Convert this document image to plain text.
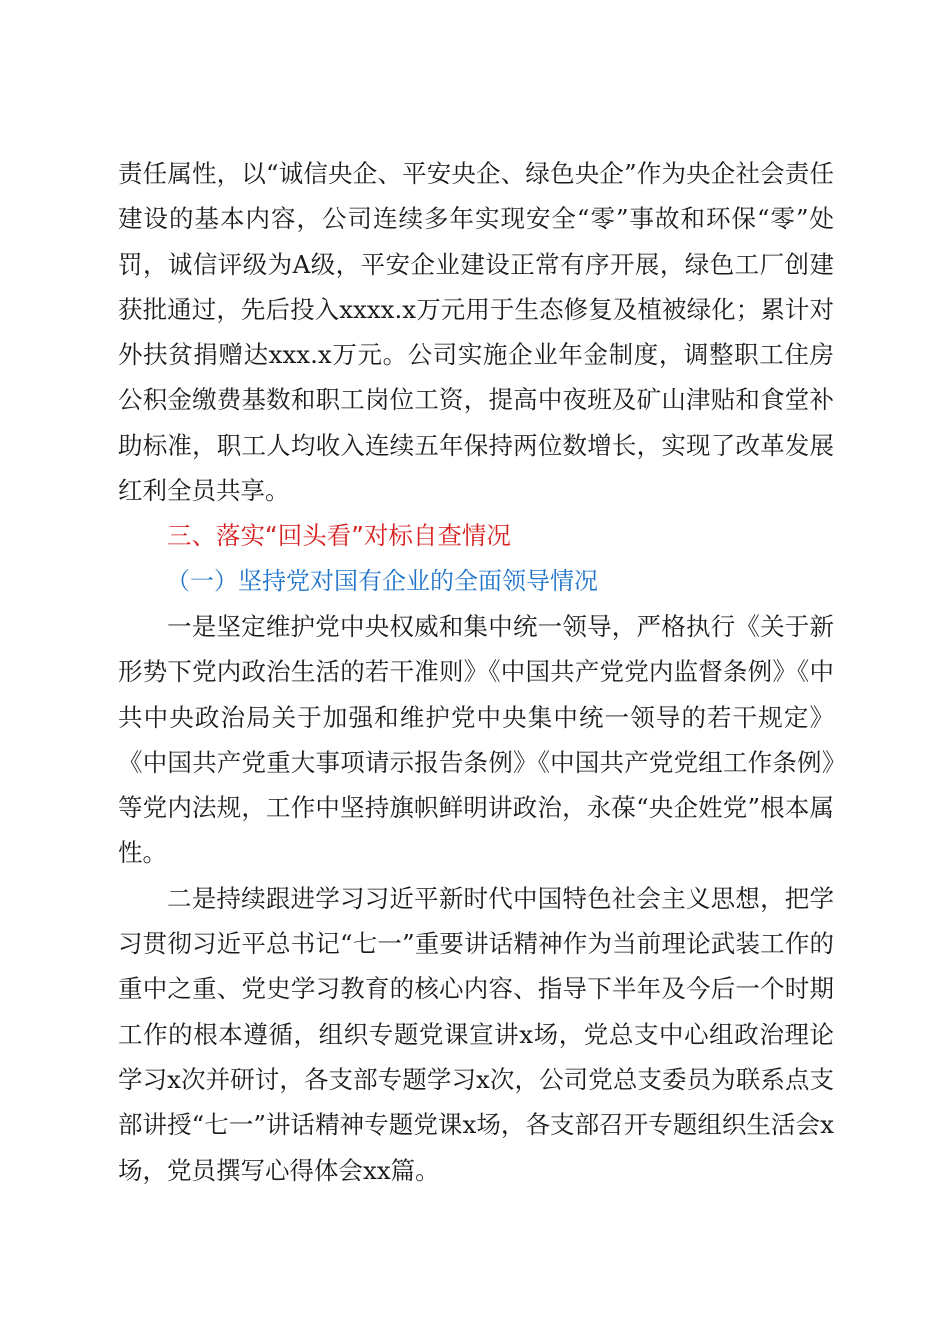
责任属性，以“诚信央企、平安央企、绿色央企”作为央企社会责任建设的基本内容，公司连续多年实现安全“零”事故和环保“零”处罚，诚信评级为A级，平安企业建设正常有序开展，绿色工厂创建获批通过，先后投入xxxx.x万元用于生态修复及植被绿化；累计对外扶贫捐赠达xxx.x万元。公司实施企业年金制度，调整职工住房公积金缴费基数和职工岗位工资，提高中夜班及矿山津贴和食堂补助标准，职工人均收入连续五年保持两位数增长，实现了改革发展红利全员共享。

三、落实“回头看”对标自查情况

（一）坚持党对国有企业的全面领导情况

一是坚定维护党中央权威和集中统一领导，严格执行《关于新形势下党内政治生活的若干准则》《中国共产党党内监督条例》《中共中央政治局关于加强和维护党中央集中统一领导的若干规定》《中国共产党重大事项请示报告条例》《中国共产党党组工作条例》等党内法规，工作中坚持旗帜鲜明讲政治，永葆“央企姓党”根本属性。

二是持续跟进学习习近平新时代中国特色社会主义思想，把学习贯彻习近平总书记“七一”重要讲话精神作为当前理论武装工作的重中之重、党史学习教育的核心内容、指导下半年及今后一个时期工作的根本遵循，组织专题党课宣讲x场，党总支中心组政治理论学习x次并研讨，各支部专题学习x次，公司党总支委员为联系点支部讲授“七一”讲话精神专题党课x场，各支部召开专题组织生活会x场，党员撰写心得体会xx篇。
